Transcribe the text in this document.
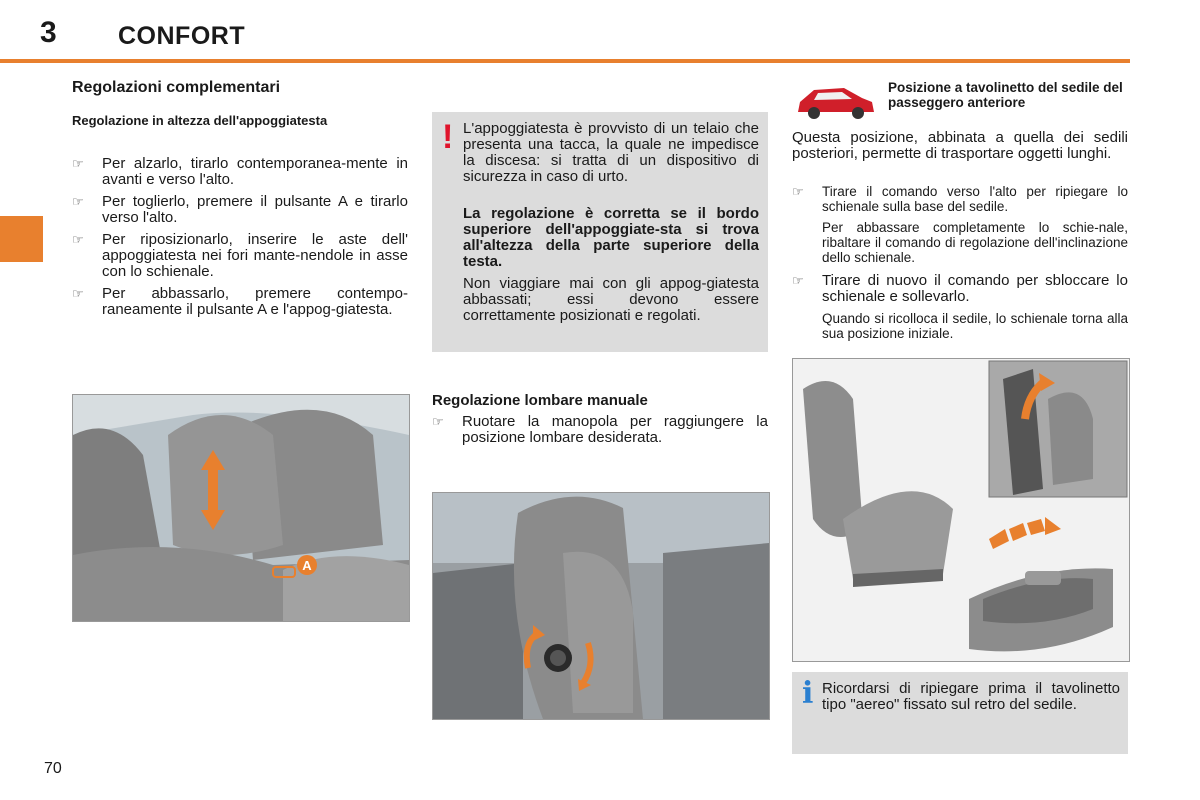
3 CONFORT
Regolazioni complementari
Regolazione in altezza dell'appoggiatesta
☞ Per alzarlo, tirarlo contemporanea-mente in avanti e verso l'alto.
☞ Per toglierlo, premere il pulsante A e tirarlo verso l'alto.
☞ Per riposizionarlo, inserire le aste dell' appoggiatesta nei fori mante-nendole in asse con lo schienale.
☞ Per abbassarlo, premere contempo-raneamente il pulsante A e l'appog-giatesta.
A
! L'appoggiatesta è provvisto di un telaio che presenta una tacca, la quale ne impedisce la discesa: si tratta di un dispositivo di sicurezza in caso di urto.
La regolazione è corretta se il bordo superiore dell'appoggiate-sta si trova all'altezza della parte superiore della testa.
Non viaggiare mai con gli appog-giatesta abbassati; essi devono essere correttamente posizionati e regolati.
Regolazione lombare manuale
☞ Ruotare la manopola per raggiungere la posizione lombare desiderata.
Posizione a tavolinetto del sedile del passeggero anteriore
Questa posizione, abbinata a quella dei sedili posteriori, permette di trasportare oggetti lunghi.
☞ Tirare il comando verso l'alto per ripiegare lo schienale sulla base del sedile.
Per abbassare completamente lo schie-nale, ribaltare il comando di regolazione dell'inclinazione dello schienale.
☞ Tirare di nuovo il comando per sbloccare lo schienale e sollevarlo.
Quando si ricolloca il sedile, lo schienale torna alla sua posizione iniziale.
i Ricordarsi di ripiegare prima il tavolinetto tipo "aereo" fissato sul retro del sedile.
70
